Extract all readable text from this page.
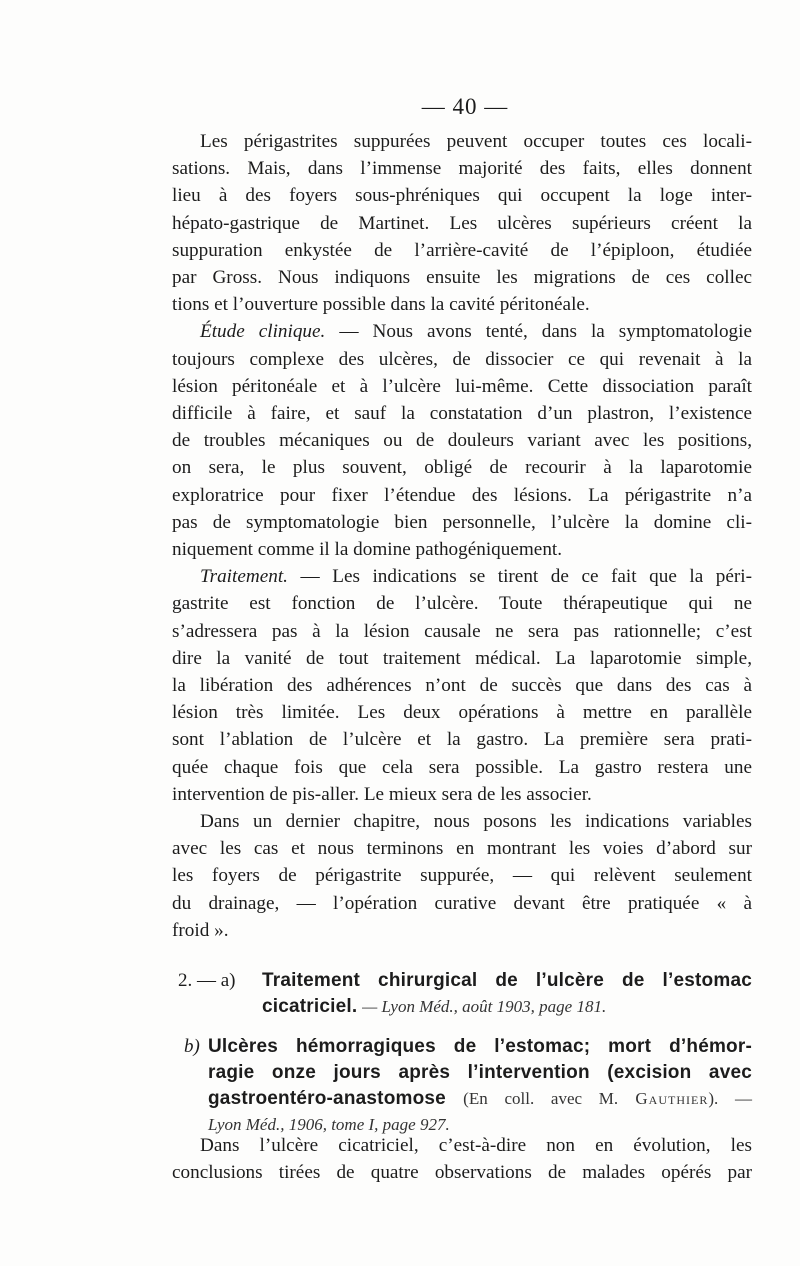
— 40 —
Les périgastrites suppurées peuvent occuper toutes ces locali-
sations. Mais, dans l’immense majorité des faits, elles donnent
lieu à des foyers sous-phréniques qui occupent la loge inter-
hépato-gastrique de Martinet. Les ulcères supérieurs créent la
suppuration enkystée de l’arrière-cavité de l’épiploon, étudiée
par Gross. Nous indiquons ensuite les migrations de ces collec
tions et l’ouverture possible dans la cavité péritonéale.
Étude clinique. — Nous avons tenté, dans la symptomatologie
toujours complexe des ulcères, de dissocier ce qui revenait à la
lésion péritonéale et à l’ulcère lui-même. Cette dissociation paraît
difficile à faire, et sauf la constatation d’un plastron, l’existence
de troubles mécaniques ou de douleurs variant avec les positions,
on sera, le plus souvent, obligé de recourir à la laparotomie
exploratrice pour fixer l’étendue des lésions. La périgastrite n’a
pas de symptomatologie bien personnelle, l’ulcère la domine cli-
niquement comme il la domine pathogéniquement.
Traitement. — Les indications se tirent de ce fait que la péri-
gastrite est fonction de l’ulcère. Toute thérapeutique qui ne
s’adressera pas à la lésion causale ne sera pas rationnelle; c’est
dire la vanité de tout traitement médical. La laparotomie simple,
la libération des adhérences n’ont de succès que dans des cas à
lésion très limitée. Les deux opérations à mettre en parallèle
sont l’ablation de l’ulcère et la gastro. La première sera prati-
quée chaque fois que cela sera possible. La gastro restera une
intervention de pis-aller. Le mieux sera de les associer.
Dans un dernier chapitre, nous posons les indications variables
avec les cas et nous terminons en montrant les voies d’abord sur
les foyers de périgastrite suppurée, — qui relèvent seulement
du drainage, — l’opération curative devant être pratiquée « à
froid ».
2. — a) Traitement chirurgical de l’ulcère de l’estomac
cicatriciel. — Lyon Méd., août 1903, page 181.
b) Ulcères hémorragiques de l’estomac; mort d’hémor-
ragie onze jours après l’intervention (excision avec
gastroentéro-anastomose (En coll. avec M. Gauthier). —
Lyon Méd., 1906, tome I, page 927.
Dans l’ulcère cicatriciel, c’est-à-dire non en évolution, les
conclusions tirées de quatre observations de malades opérés par
